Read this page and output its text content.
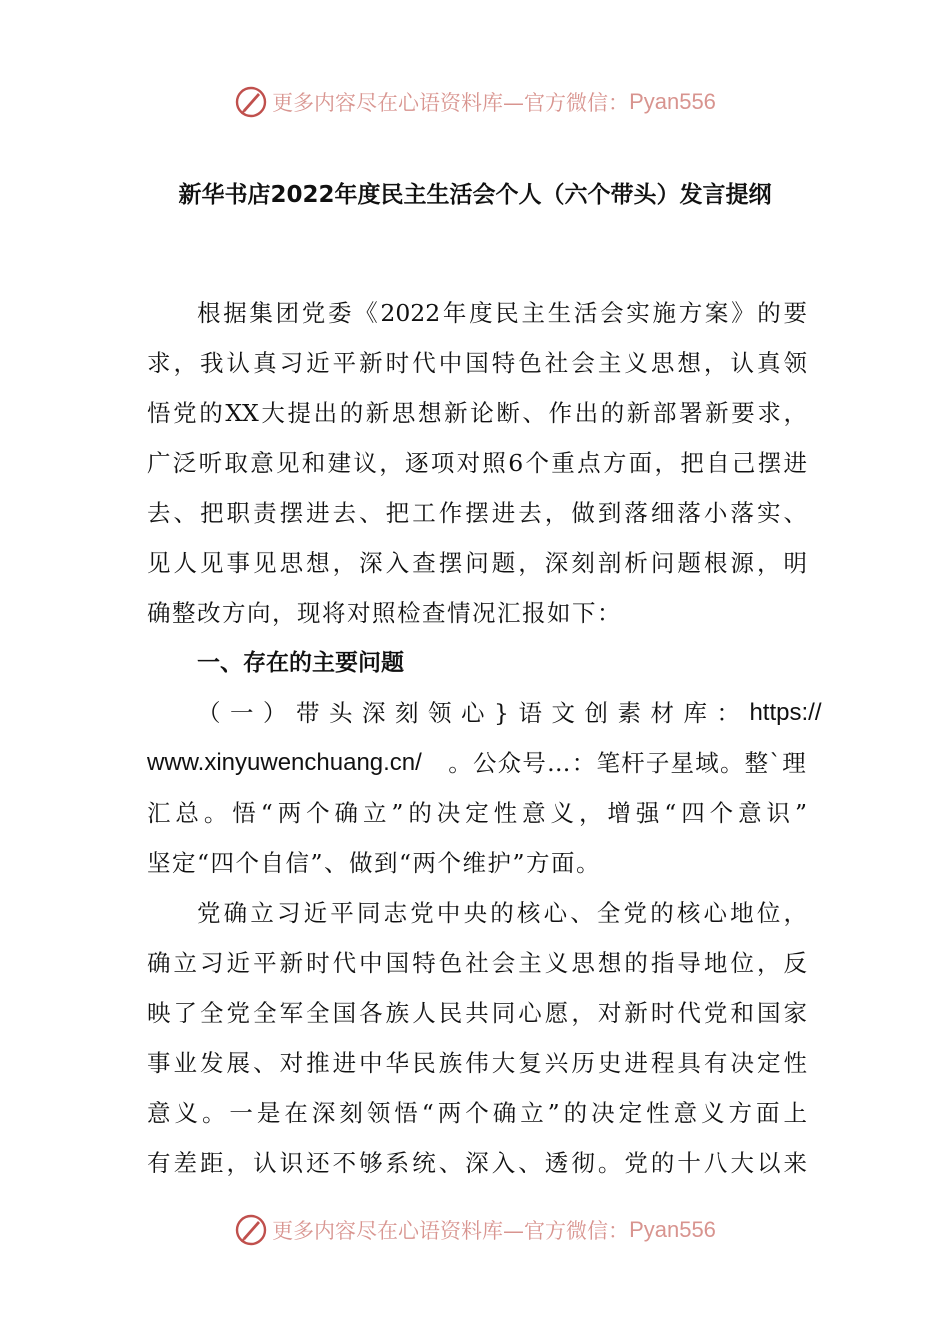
更多内容尽在心语资料库—官方微信： Pyan556
新华书店2022年度民主生活会个人（六个带头）发言提纲
根据集团党委《2022年度民主生活会实施方案》的要
求，我认真习近平新时代中国特色社会主义思想，认真领
悟党的XX大提出的新思想新论断、作出的新部署新要求，
广泛听取意见和建议，逐项对照6个重点方面，把自己摆进
去、把职责摆进去、把工作摆进去，做到落细落小落实、
见人见事见思想，深入查摆问题，深刻剖析问题根源，明
确整改方向，现将对照检查情况汇报如下：
一、存在的主要问题
（一）带头深刻领心}语文创素材库： https://
www.xinyuwenchuang.cn/ 。公众号…：笔杆子星域。整`理
汇总。悟“两个确立”的决定性意义，增强“四个意识”
坚定“四个自信”、做到“两个维护”方面。
党确立习近平同志党中央的核心、全党的核心地位，
确立习近平新时代中国特色社会主义思想的指导地位，反
映了全党全军全国各族人民共同心愿，对新时代党和国家
事业发展、对推进中华民族伟大复兴历史进程具有决定性
意义。一是在深刻领悟“两个确立”的决定性意义方面上
有差距，认识还不够系统、深入、透彻。党的十八大以来
更多内容尽在心语资料库—官方微信： Pyan556
